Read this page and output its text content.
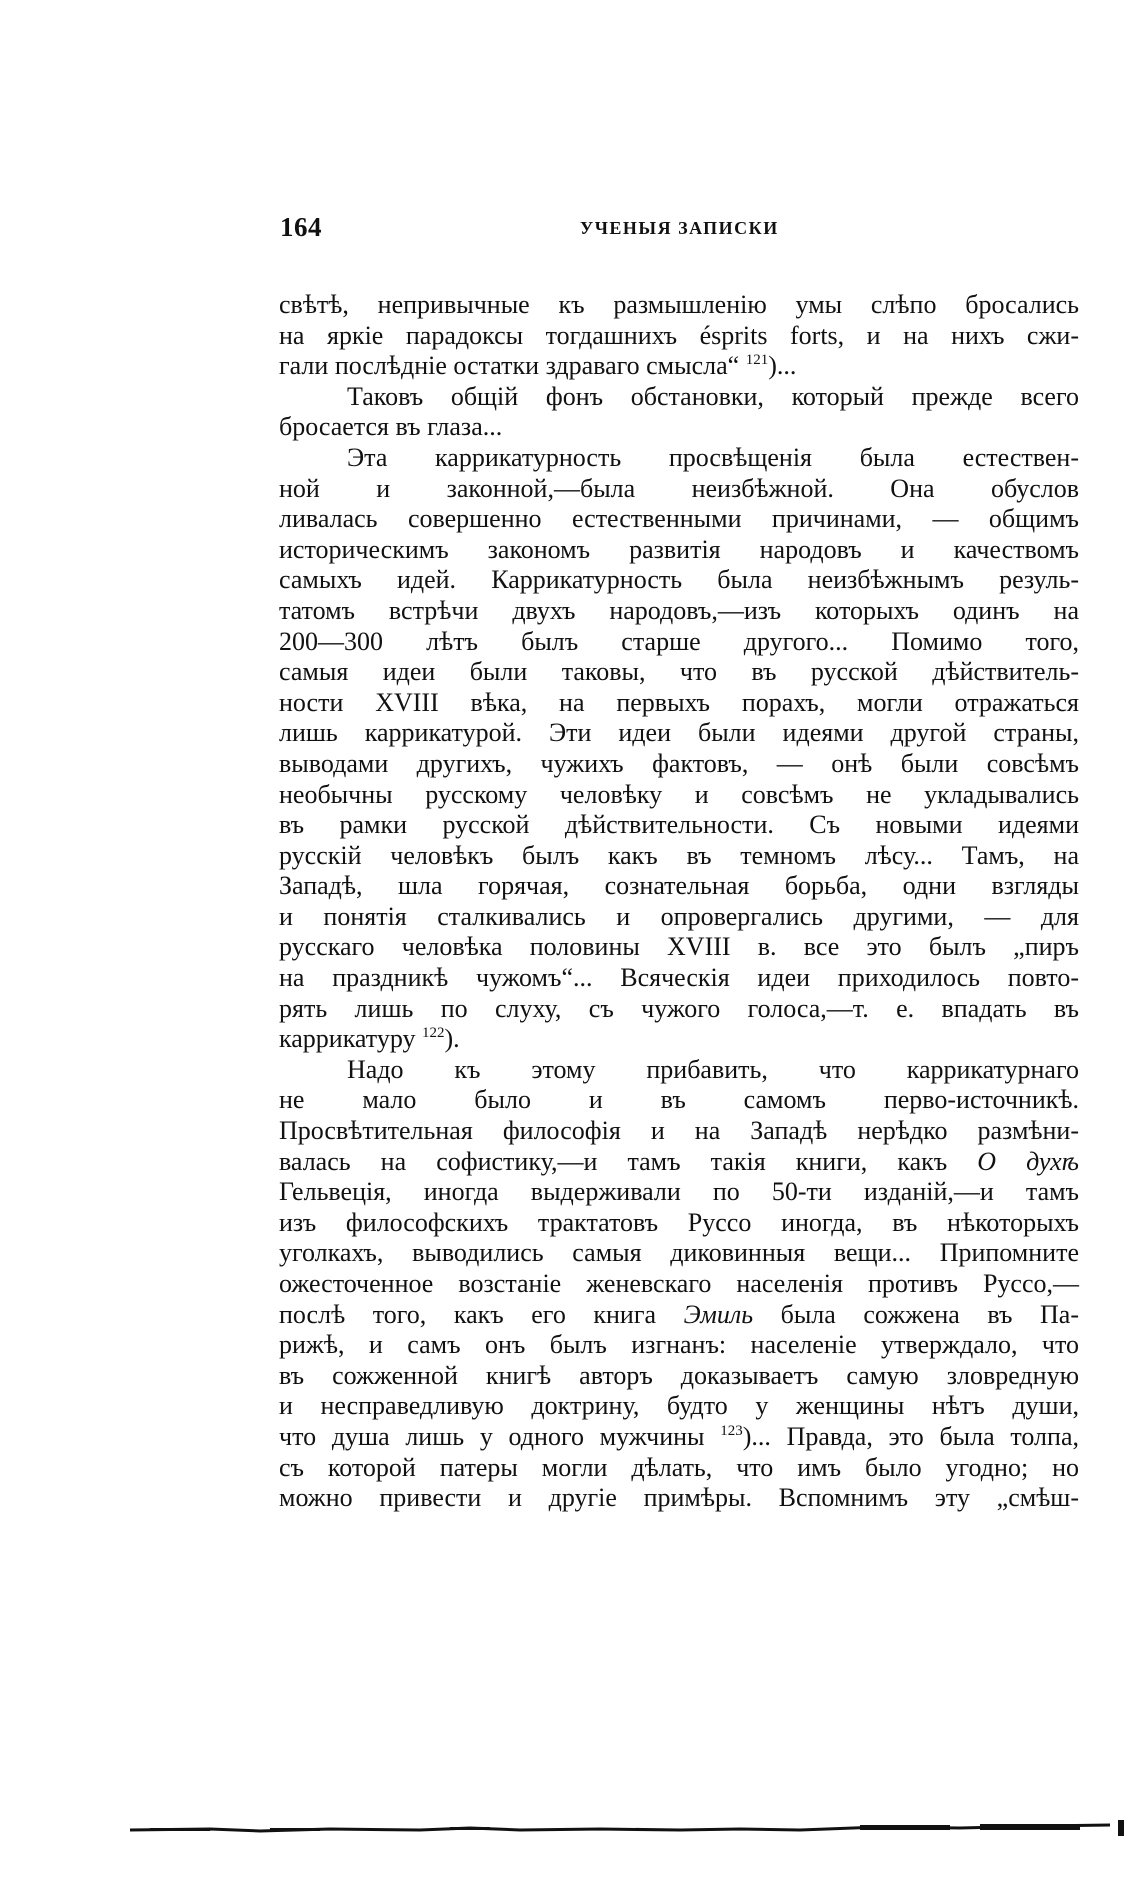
164	УЧЕНЫЯ ЗАПИСКИ
свѣтѣ, непривычные къ размышленію умы слѣпо бросались
на яркіе парадоксы тогдашнихъ ésprits forts, и на нихъ сжи-
гали послѣдніе остатки здраваго смысла“ $^{121}$)...
Таковъ общій фонъ обстановки, который прежде всего
бросается въ глаза...
Эта каррикатурность просвѣщенія была естествен-
ной и законной,—была неизбѣжной. Она обуслов
ливалась совершенно естественными причинами, — общимъ
историческимъ закономъ развитія народовъ и качествомъ
самыхъ идей. Каррикатурность была неизбѣжнымъ резуль-
татомъ встрѣчи двухъ народовъ,—изъ которыхъ одинъ на
200—300 лѣтъ былъ старше другого... Помимо того,
самыя идеи были таковы, что въ русской дѣйствитель-
ности XVIII вѣка, на первыхъ порахъ, могли отражаться
лишь каррикатурой. Эти идеи были идеями другой страны,
выводами другихъ, чужихъ фактовъ, — онѣ были совсѣмъ
необычны русскому человѣку и совсѣмъ не укладывались
въ рамки русской дѣйствительности. Съ новыми идеями
русскій человѣкъ былъ какъ въ темномъ лѣсу... Тамъ, на
Западѣ, шла горячая, сознательная борьба, одни взгляды
и понятія сталкивались и опровергались другими, — для
русскаго человѣка половины XVIII в. все это былъ „пиръ
на праздникѣ чужомъ“... Всяческія идеи приходилось повто-
рять лишь по слуху, съ чужого голоса,—т. е. впадать въ
каррикатуру $^{122}$).
Надо къ этому прибавить, что каррикатурнаго
не мало было и въ самомъ перво-источникѣ.
Просвѣтительная философія и на Западѣ нерѣдко размѣни-
валась на софистику,—и тамъ такія книги, какъ О духѣ
Гельвеція, иногда выдерживали по 50-ти изданій,—и тамъ
изъ философскихъ трактатовъ Руссо иногда, въ нѣкоторыхъ
уголкахъ, выводились самыя диковинныя вещи... Припомните
ожесточенное возстаніе женевскаго населенія противъ Руссо,—
послѣ того, какъ его книга Эмиль была сожжена въ Па-
рижѣ, и самъ онъ былъ изгнанъ: населеніе утверждало, что
въ сожженной книгѣ авторъ доказываетъ самую зловредную
и несправедливую доктрину, будто у женщины нѣтъ души,
что душа лишь у одного мужчины $^{123}$)... Правда, это была толпа,
съ которой патеры могли дѣлать, что имъ было угодно; но
можно привести и другіе примѣры. Вспомнимъ эту „смѣш-
